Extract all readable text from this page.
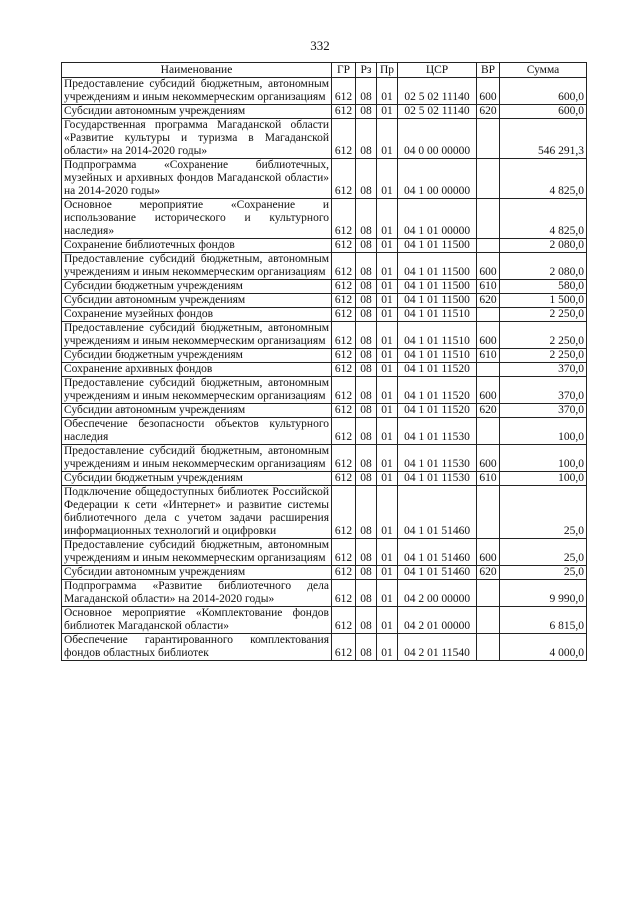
332
Наименование	ГР	Рз	Пр	ЦСР	ВР	Сумма
Предоставление субсидий бюджетным, автономным учреждениям и иным некоммерческим организациям	612	08	01	02 5 02 11140	600	600,0
Субсидии автономным учреждениям	612	08	01	02 5 02 11140	620	600,0
Государственная программа Магаданской области «Развитие культуры и туризма в Магаданской области» на 2014-2020 годы»	612	08	01	04 0 00 00000		546 291,3
Подпрограмма «Сохранение библиотечных, музейных и архивных фондов Магаданской области» на 2014-2020 годы»	612	08	01	04 1 00 00000		4 825,0
Основное мероприятие «Сохранение и использование исторического и культурного наследия»	612	08	01	04 1 01 00000		4 825,0
Сохранение библиотечных фондов	612	08	01	04 1 01 11500		2 080,0
Предоставление субсидий бюджетным, автономным учреждениям и иным некоммерческим организациям	612	08	01	04 1 01 11500	600	2 080,0
Субсидии бюджетным учреждениям	612	08	01	04 1 01 11500	610	580,0
Субсидии автономным учреждениям	612	08	01	04 1 01 11500	620	1 500,0
Сохранение музейных фондов	612	08	01	04 1 01 11510		2 250,0
Предоставление субсидий бюджетным, автономным учреждениям и иным некоммерческим организациям	612	08	01	04 1 01 11510	600	2 250,0
Субсидии бюджетным учреждениям	612	08	01	04 1 01 11510	610	2 250,0
Сохранение архивных фондов	612	08	01	04 1 01 11520		370,0
Предоставление субсидий бюджетным, автономным учреждениям и иным некоммерческим организациям	612	08	01	04 1 01 11520	600	370,0
Субсидии автономным учреждениям	612	08	01	04 1 01 11520	620	370,0
Обеспечение безопасности объектов культурного наследия	612	08	01	04 1 01 11530		100,0
Предоставление субсидий бюджетным, автономным учреждениям и иным некоммерческим организациям	612	08	01	04 1 01 11530	600	100,0
Субсидии бюджетным учреждениям	612	08	01	04 1 01 11530	610	100,0
Подключение общедоступных библиотек Российской Федерации к сети «Интернет» и развитие системы библиотечного дела с учетом задачи расширения информационных технологий и оцифровки	612	08	01	04 1 01 51460		25,0
Предоставление субсидий бюджетным, автономным учреждениям и иным некоммерческим организациям	612	08	01	04 1 01 51460	600	25,0
Субсидии автономным учреждениям	612	08	01	04 1 01 51460	620	25,0
Подпрограмма «Развитие библиотечного дела Магаданской области» на 2014-2020 годы»	612	08	01	04 2 00 00000		9 990,0
Основное мероприятие «Комплектование фондов библиотек Магаданской области»	612	08	01	04 2 01 00000		6 815,0
Обеспечение гарантированного комплектования фондов областных библиотек	612	08	01	04 2 01 11540		4 000,0
